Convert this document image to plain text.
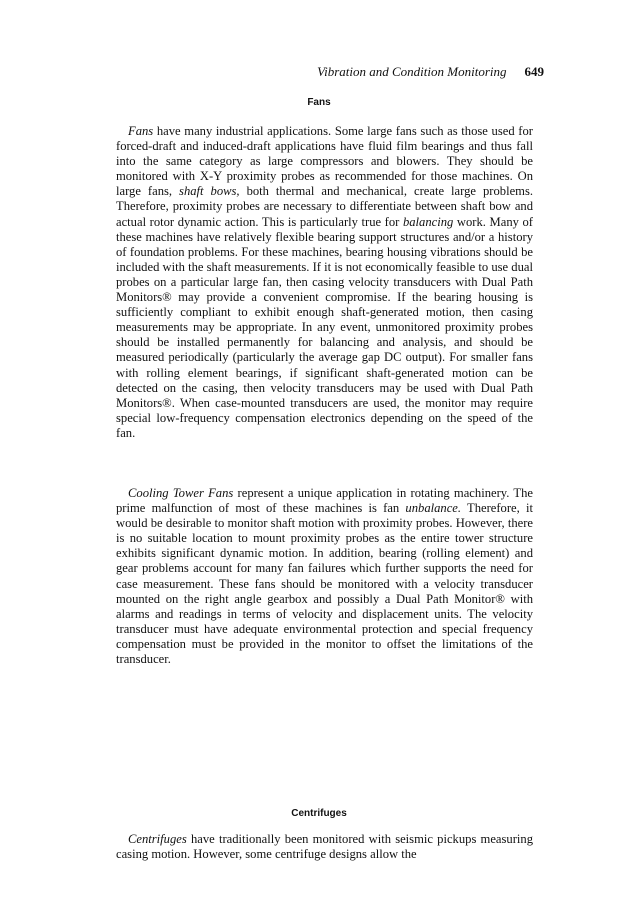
Vibration and Condition Monitoring 649
Fans

Fans have many industrial applications. Some large fans such as those used for forced-draft and induced-draft applications have fluid film bearings and thus fall into the same category as large compressors and blowers. They should be monitored with X-Y proximity probes as recommended for those machines. On large fans, shaft bows, both thermal and mechanical, create large problems. Therefore, proximity probes are necessary to differentiate between shaft bow and actual rotor dynamic action. This is particularly true for balancing work. Many of these machines have relatively flexible bearing support structures and/or a history of foundation problems. For these machines, bearing housing vibrations should be included with the shaft measurements. If it is not economically feasible to use dual probes on a particular large fan, then casing velocity transducers with Dual Path Monitors® may provide a convenient compromise. If the bearing housing is sufficiently compliant to exhibit enough shaft-generated motion, then casing measurements may be appropriate. In any event, unmonitored proximity probes should be installed permanently for balancing and analysis, and should be measured periodically (particularly the average gap DC output). For smaller fans with rolling element bearings, if significant shaft-generated motion can be detected on the casing, then velocity transducers may be used with Dual Path Monitors®. When case-mounted transducers are used, the monitor may require special low-frequency compensation electronics depending on the speed of the fan.

Cooling Tower Fans represent a unique application in rotating machinery. The prime malfunction of most of these machines is fan unbalance. Therefore, it would be desirable to monitor shaft motion with proximity probes. However, there is no suitable location to mount proximity probes as the entire tower structure exhibits significant dynamic motion. In addition, bearing (rolling element) and gear problems account for many fan failures which further supports the need for case measurement. These fans should be monitored with a velocity transducer mounted on the right angle gearbox and possibly a Dual Path Monitor® with alarms and readings in terms of velocity and displacement units. The velocity transducer must have adequate environmental protection and special frequency compensation must be provided in the monitor to offset the limitations of the transducer.

Centrifuges

Centrifuges have traditionally been monitored with seismic pickups measuring casing motion. However, some centrifuge designs allow the
